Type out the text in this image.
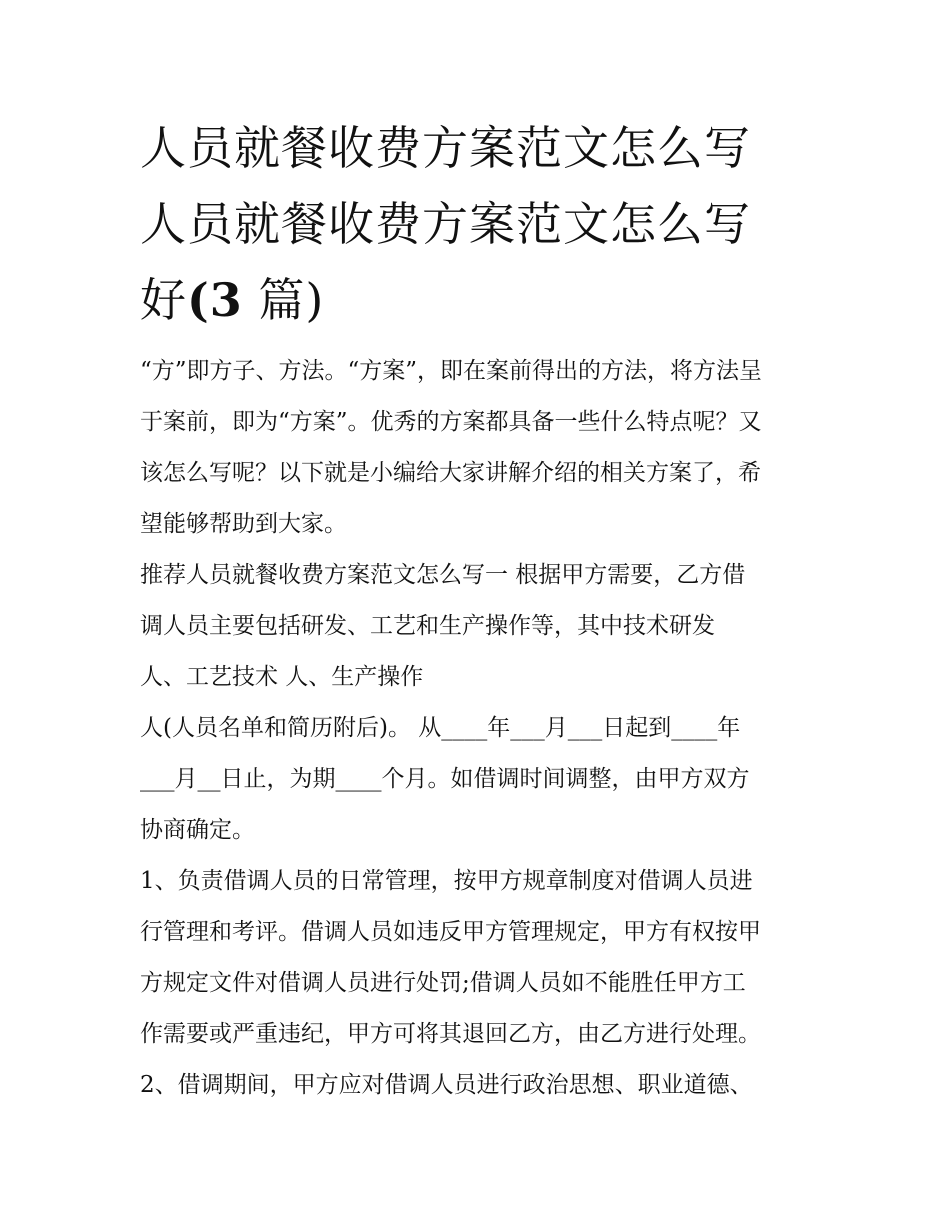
人员就餐收费方案范文怎么写
人员就餐收费方案范文怎么写
好(3 篇)

“方”即方子、方法。“方案”，即在案前得出的方法，将方法呈
于案前，即为“方案”。优秀的方案都具备一些什么特点呢？又
该怎么写呢？以下就是小编给大家讲解介绍的相关方案了，希
望能够帮助到大家。

推荐人员就餐收费方案范文怎么写一 根据甲方需要，乙方借
调人员主要包括研发、工艺和生产操作等，其中技术研发
人、工艺技术 人、生产操作
人(人员名单和简历附后)。 从____年___月___日起到____年
___月__日止，为期____个月。如借调时间调整，由甲方双方
协商确定。

1、负责借调人员的日常管理，按甲方规章制度对借调人员进
行管理和考评。借调人员如违反甲方管理规定，甲方有权按甲
方规定文件对借调人员进行处罚;借调人员如不能胜任甲方工
作需要或严重违纪，甲方可将其退回乙方，由乙方进行处理。

2、借调期间，甲方应对借调人员进行政治思想、职业道德、
